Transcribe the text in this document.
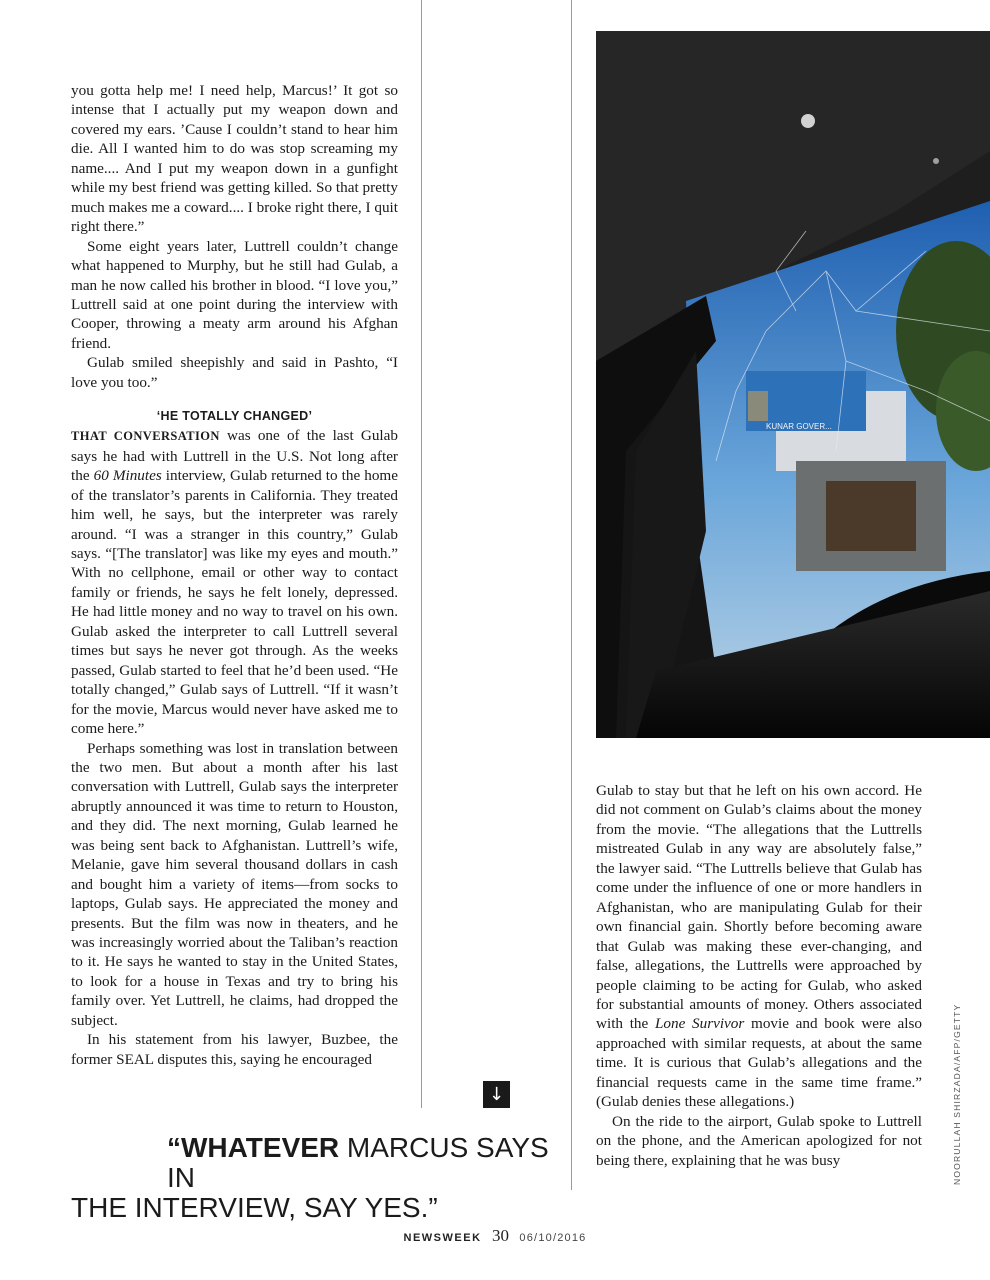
you gotta help me! I need help, Marcus!’ It got so intense that I actually put my weapon down and covered my ears. ’Cause I couldn’t stand to hear him die. All I wanted him to do was stop screaming my name.... And I put my weapon down in a gunfight while my best friend was getting killed. So that pretty much makes me a coward.... I broke right there, I quit right there.”

Some eight years later, Luttrell couldn’t change what happened to Murphy, but he still had Gulab, a man he now called his brother in blood. “I love you,” Luttrell said at one point during the interview with Cooper, throwing a meaty arm around his Afghan friend.

Gulab smiled sheepishly and said in Pashto, “I love you too.”

‘HE TOTALLY CHANGED’

THAT CONVERSATION was one of the last Gulab says he had with Luttrell in the U.S. Not long after the 60 Minutes interview, Gulab returned to the home of the translator’s parents in California. They treated him well, he says, but the interpreter was rarely around. “I was a stranger in this country,” Gulab says. “[The translator] was like my eyes and mouth.” With no cellphone, email or other way to contact family or friends, he says he felt lonely, depressed. He had little money and no way to travel on his own. Gulab asked the interpreter to call Luttrell several times but says he never got through. As the weeks passed, Gulab started to feel that he’d been used. “He totally changed,” Gulab says of Luttrell. “If it wasn’t for the movie, Marcus would never have asked me to come here.”

Perhaps something was lost in translation between the two men. But about a month after his last conversation with Luttrell, Gulab says the interpreter abruptly announced it was time to return to Houston, and they did. The next morning, Gulab learned he was being sent back to Afghanistan. Luttrell’s wife, Melanie, gave him several thousand dollars in cash and bought him a variety of items—from socks to laptops, Gulab says. He appreciated the money and presents. But the film was now in theaters, and he was increasingly worried about the Taliban’s reaction to it. He says he wanted to stay in the United States, to look for a house in Texas and try to bring his family over. Yet Luttrell, he claims, had dropped the subject.

In his statement from his lawyer, Buzbee, the former SEAL disputes this, saying he encouraged

KUNAR GOVER...

Gulab to stay but that he left on his own accord. He did not comment on Gulab’s claims about the money from the movie. “The allegations that the Luttrells mistreated Gulab in any way are absolutely false,” the lawyer said. “The Luttrells believe that Gulab has come under the influence of one or more handlers in Afghanistan, who are manipulating Gulab for their own financial gain. Shortly before becoming aware that Gulab was making these ever-changing, and false, allegations, the Luttrells were approached by people claiming to be acting for Gulab, who asked for substantial amounts of money. Others associated with the Lone Survivor movie and book were also approached with similar requests, at about the same time. It is curious that Gulab’s allegations and the financial requests came in the same time frame.” (Gulab denies these allegations.)

On the ride to the airport, Gulab spoke to Luttrell on the phone, and the American apologized for not being there, explaining that he was busy

↓
“WHATEVER MARCUS SAYS IN
THE INTERVIEW, SAY YES.”
NOORULLAH SHIRZADA/AFP/GETTY
NEWSWEEK 30 06/10/2016
